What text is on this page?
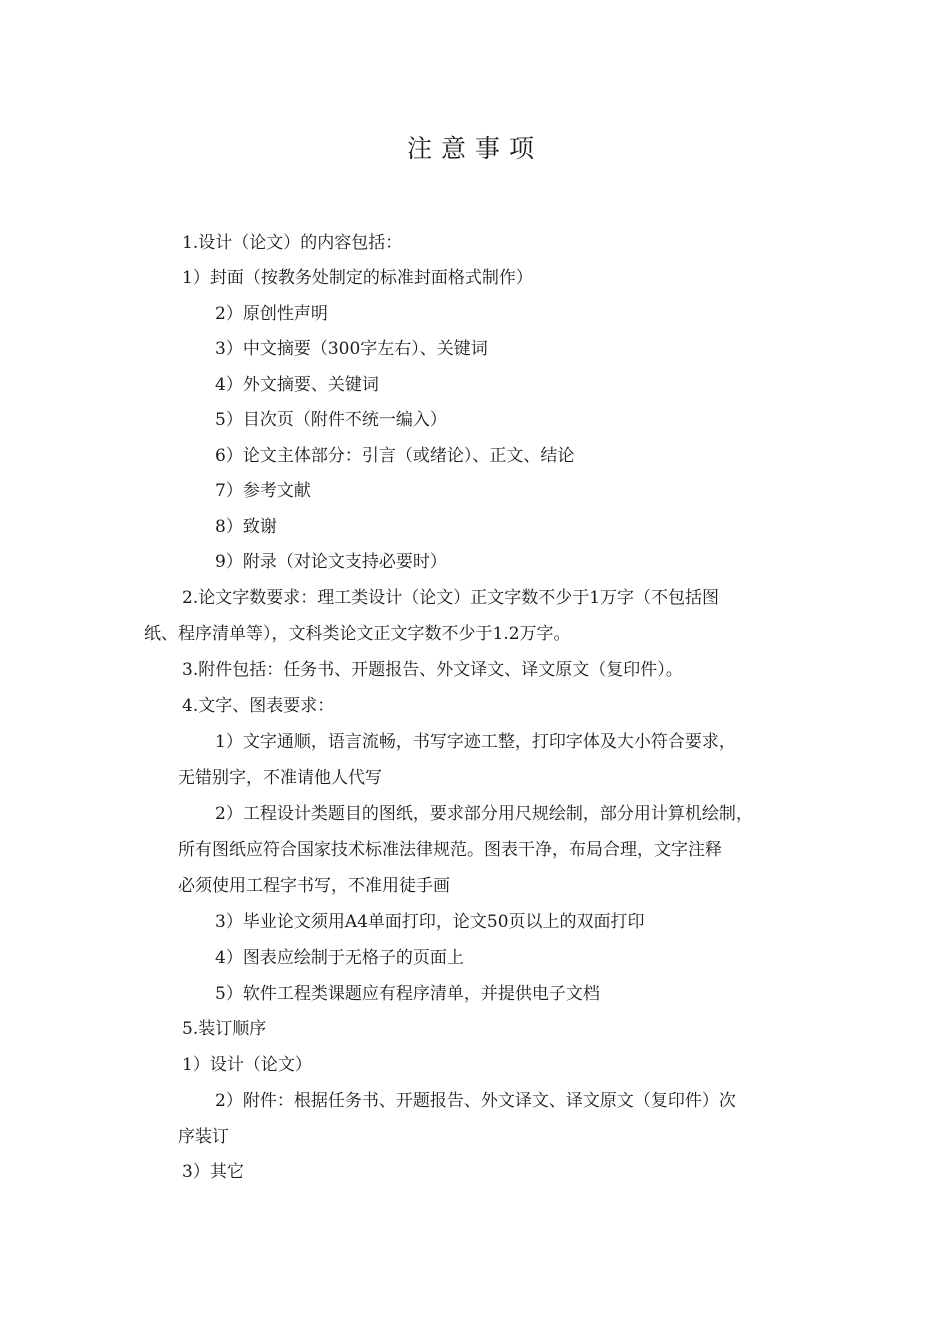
注意事项
1.设计（论文）的内容包括：
1）封面（按教务处制定的标准封面格式制作）
2）原创性声明
3）中文摘要（300字左右）、关键词
4）外文摘要、关键词
5）目次页（附件不统一编入）
6）论文主体部分：引言（或绪论）、正文、结论
7）参考文献
8）致谢
9）附录（对论文支持必要时）
2.论文字数要求：理工类设计（论文）正文字数不少于1万字（不包括图
纸、程序清单等），文科类论文正文字数不少于1.2万字。
3.附件包括：任务书、开题报告、外文译文、译文原文（复印件）。
4.文字、图表要求：
1）文字通顺，语言流畅，书写字迹工整，打印字体及大小符合要求，
无错别字，不准请他人代写
2）工程设计类题目的图纸，要求部分用尺规绘制，部分用计算机绘制，
所有图纸应符合国家技术标准法律规范。图表干净，布局合理，文字注释
必须使用工程字书写，不准用徒手画
3）毕业论文须用A4单面打印，论文50页以上的双面打印
4）图表应绘制于无格子的页面上
5）软件工程类课题应有程序清单，并提供电子文档
5.装订顺序
1）设计（论文）
2）附件：根据任务书、开题报告、外文译文、译文原文（复印件）次
序装订
3）其它
